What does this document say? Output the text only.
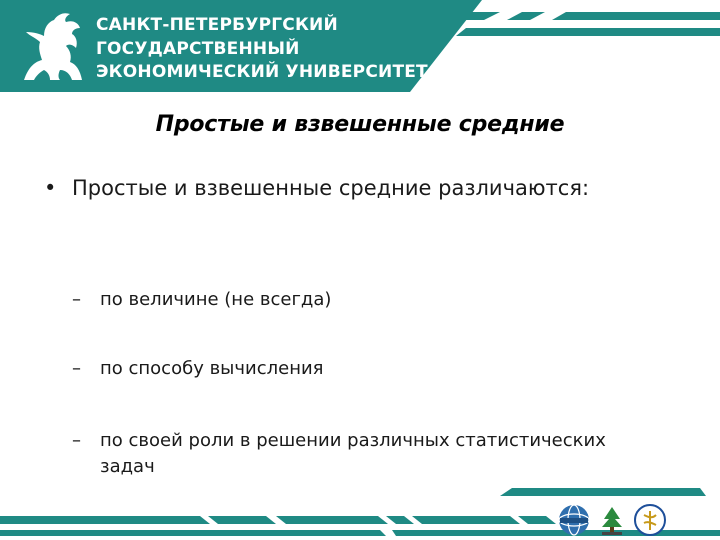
САНКТ-ПЕТЕРБУРГСКИЙ
ГОСУДАРСТВЕННЫЙ
ЭКОНОМИЧЕСКИЙ УНИВЕРСИТЕТ
Простые и взвешенные средние
• Простые и взвешенные средние различаются:
– по величине (не всегда)
– по способу вычисления
– по своей роли в решении различных статистических задач
